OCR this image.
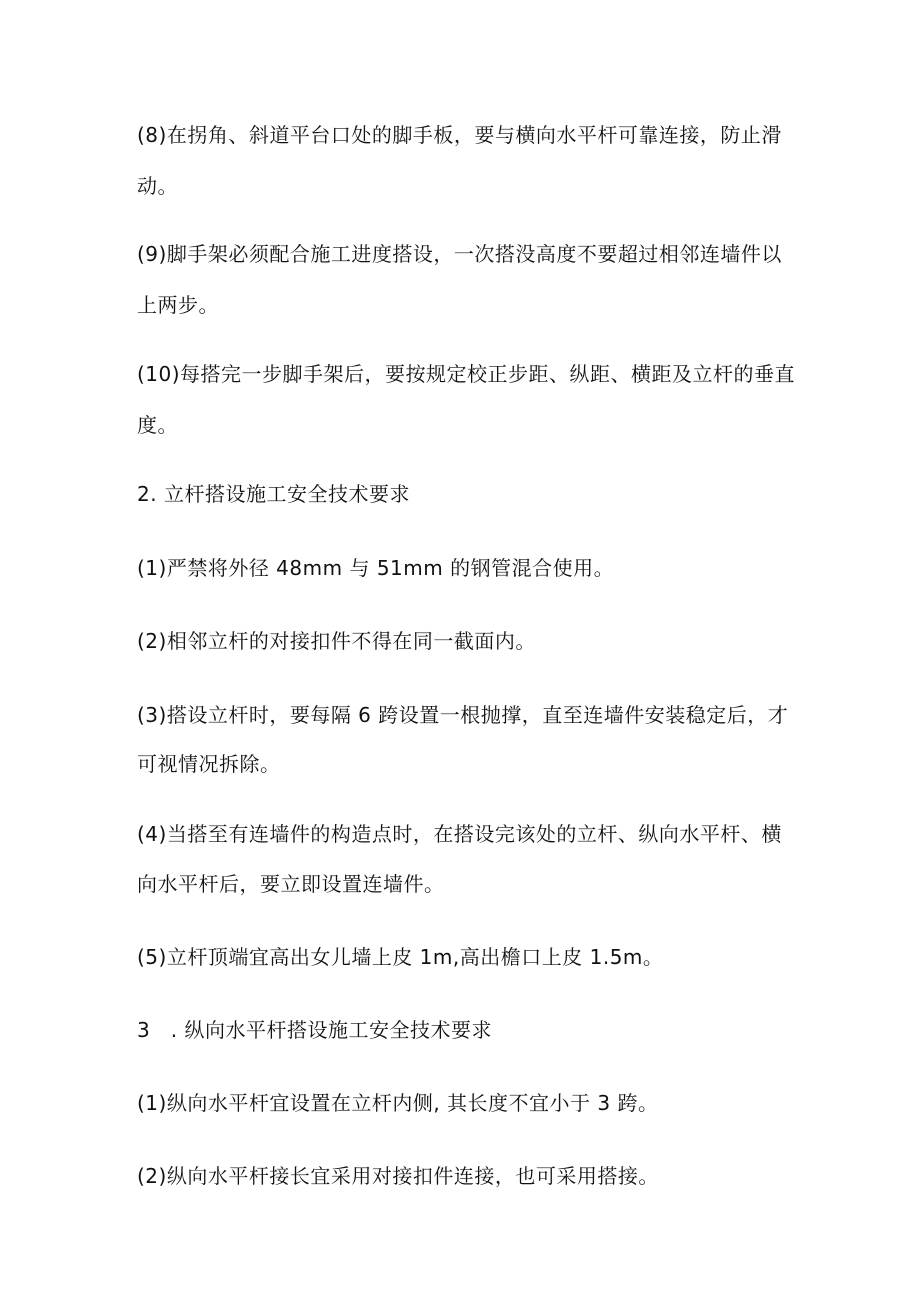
(8)在拐角、斜道平台口处的脚手板，要与横向水平杆可靠连接，防止滑
动。
(9)脚手架必须配合施工进度搭设，一次搭没高度不要超过相邻连墙件以
上两步。
(10)每搭完一步脚手架后，要按规定校正步距、纵距、横距及立杆的垂直
度。
2. 立杆搭设施工安全技术要求
(1)严禁将外径 48mm 与 51mm 的钢管混合使用。
(2)相邻立杆的对接扣件不得在同一截面内。
(3)搭设立杆时，要每隔 6 跨设置一根抛撑，直至连墙件安装稳定后，才
可视情况拆除。
(4)当搭至有连墙件的构造点时，在搭设完该处的立杆、纵向水平杆、横
向水平杆后，要立即设置连墙件。
(5)立杆顶端宜高出女儿墙上皮 1m,高出檐口上皮 1.5m。
3　. 纵向水平杆搭设施工安全技术要求
(1)纵向水平杆宜设置在立杆内侧, 其长度不宜小于 3 跨。
(2)纵向水平杆接长宜采用对接扣件连接，也可采用搭接。
